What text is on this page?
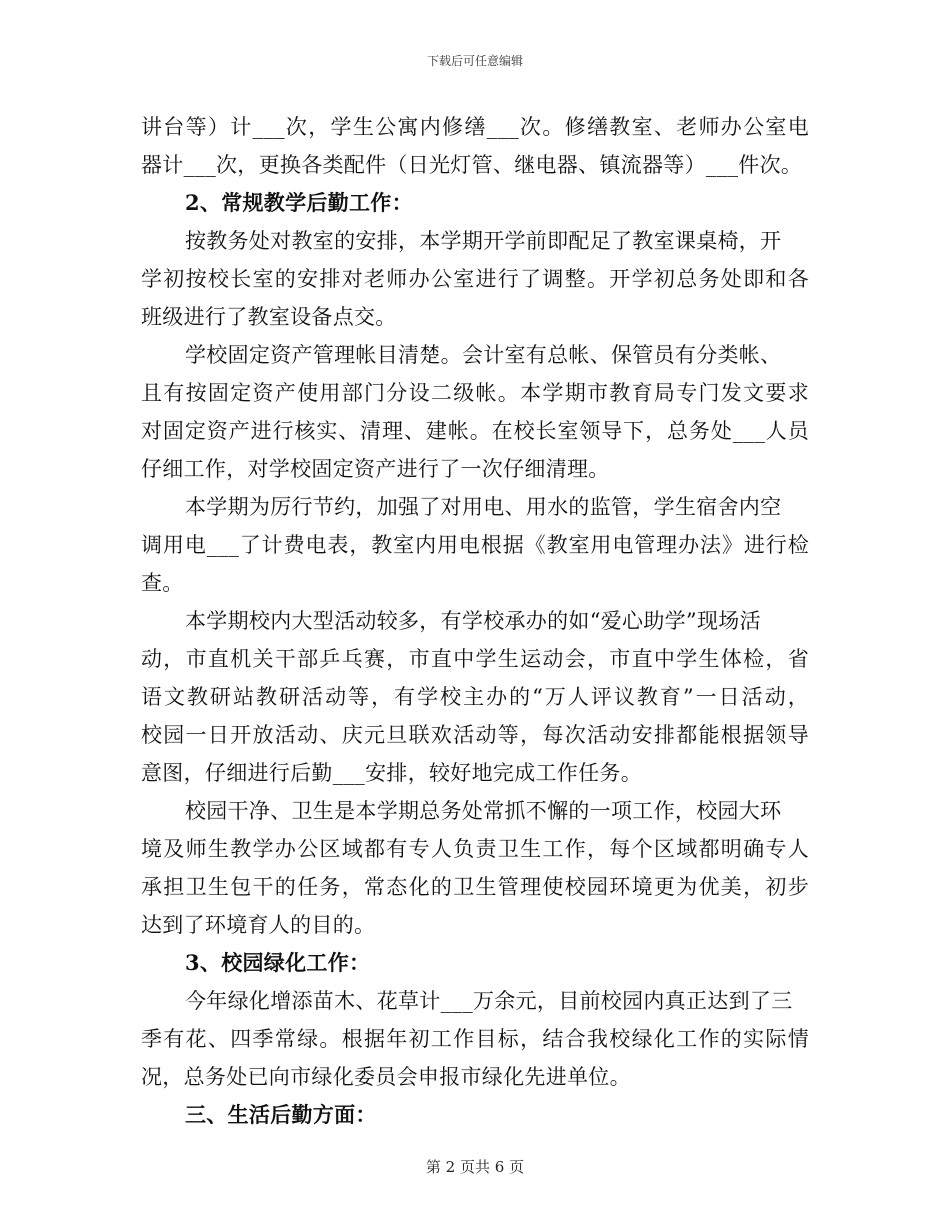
下载后可任意编辑
讲台等）计___次，学生公寓内修缮___次。修缮教室、老师办公室电
器计___次，更换各类配件（日光灯管、继电器、镇流器等）___件次。
2、常规教学后勤工作：
按教务处对教室的安排，本学期开学前即配足了教室课桌椅，开
学初按校长室的安排对老师办公室进行了调整。开学初总务处即和各
班级进行了教室设备点交。
学校固定资产管理帐目清楚。会计室有总帐、保管员有分类帐、
且有按固定资产使用部门分设二级帐。本学期市教育局专门发文要求
对固定资产进行核实、清理、建帐。在校长室领导下，总务处___人员
仔细工作，对学校固定资产进行了一次仔细清理。
本学期为厉行节约，加强了对用电、用水的监管，学生宿舍内空
调用电___了计费电表，教室内用电根据《教室用电管理办法》进行检
查。
本学期校内大型活动较多，有学校承办的如“爱心助学”现场活
动，市直机关干部乒乓赛，市直中学生运动会，市直中学生体检，省
语文教研站教研活动等，有学校主办的“万人评议教育”一日活动，
校园一日开放活动、庆元旦联欢活动等，每次活动安排都能根据领导
意图，仔细进行后勤___安排，较好地完成工作任务。
校园干净、卫生是本学期总务处常抓不懈的一项工作，校园大环
境及师生教学办公区域都有专人负责卫生工作，每个区域都明确专人
承担卫生包干的任务，常态化的卫生管理使校园环境更为优美，初步
达到了环境育人的目的。
3、校园绿化工作：
今年绿化增添苗木、花草计___万余元，目前校园内真正达到了三
季有花、四季常绿。根据年初工作目标，结合我校绿化工作的实际情
况，总务处已向市绿化委员会申报市绿化先进单位。
三、生活后勤方面：
第 2 页共 6 页
